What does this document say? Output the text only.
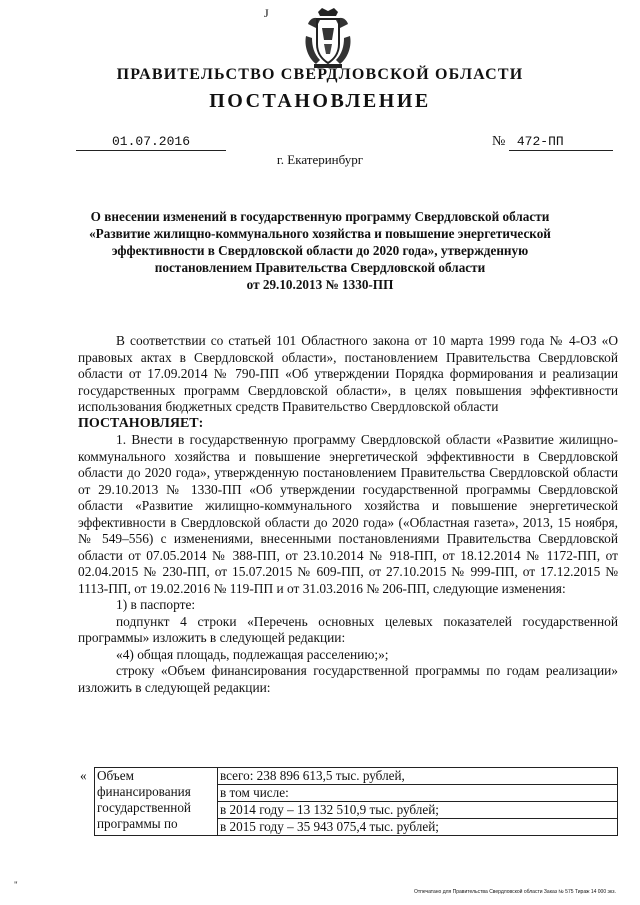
J
ПРАВИТЕЛЬСТВО СВЕРДЛОВСКОЙ ОБЛАСТИ
ПОСТАНОВЛЕНИЕ
01.07.2016	№ 472-ПП
г. Екатеринбург

О внесении изменений в государственную программу Свердловской области
«Развитие жилищно-коммунального хозяйства и повышение энергетической
эффективности в Свердловской области до 2020 года», утвержденную
постановлением Правительства Свердловской области
от 29.10.2013 № 1330-ПП

В соответствии со статьей 101 Областного закона от 10 марта 1999 года № 4-ОЗ «О правовых актах в Свердловской области», постановлением Правительства Свердловской области от 17.09.2014 № 790-ПП «Об утверждении Порядка формирования и реализации государственных программ Свердловской области», в целях повышения эффективности использования бюджетных средств Правительство Свердловской области

ПОСТАНОВЛЯЕТ:

1. Внести в государственную программу Свердловской области «Развитие жилищно-коммунального хозяйства и повышение энергетической эффективности в Свердловской области до 2020 года», утвержденную постановлением Правительства Свердловской области от 29.10.2013 № 1330-ПП «Об утверждении государственной программы Свердловской области «Развитие жилищно-коммунального хозяйства и повышение энергетической эффективности в Свердловской области до 2020 года» («Областная газета», 2013, 15 ноября, № 549–556) с изменениями, внесенными постановлениями Правительства Свердловской области от 07.05.2014 № 388-ПП, от 23.10.2014 № 918-ПП, от 18.12.2014 № 1172-ПП, от 02.04.2015 № 230-ПП, от 15.07.2015 № 609-ПП, от 27.10.2015 № 999-ПП, от 17.12.2015 № 1113-ПП, от 19.02.2016 № 119-ПП и от 31.03.2016 № 206-ПП, следующие изменения:

1) в паспорте:

подпункт 4 строки «Перечень основных целевых показателей государственной программы» изложить в следующей редакции:

«4) общая площадь, подлежащая расселению;»;

строку «Объем финансирования государственной программы по годам реализации» изложить в следующей редакции:

«	Объем
финансирования
государственной
программы по	всего: 238 896 613,5 тыс. рублей,
в том числе:
в 2014 году – 13 132 510,9 тыс. рублей;
в 2015 году – 35 943 075,4 тыс. рублей;
"
Отпечатано для Правительства Свердловской области Заказ № 575 Тираж 14 000 экз.
